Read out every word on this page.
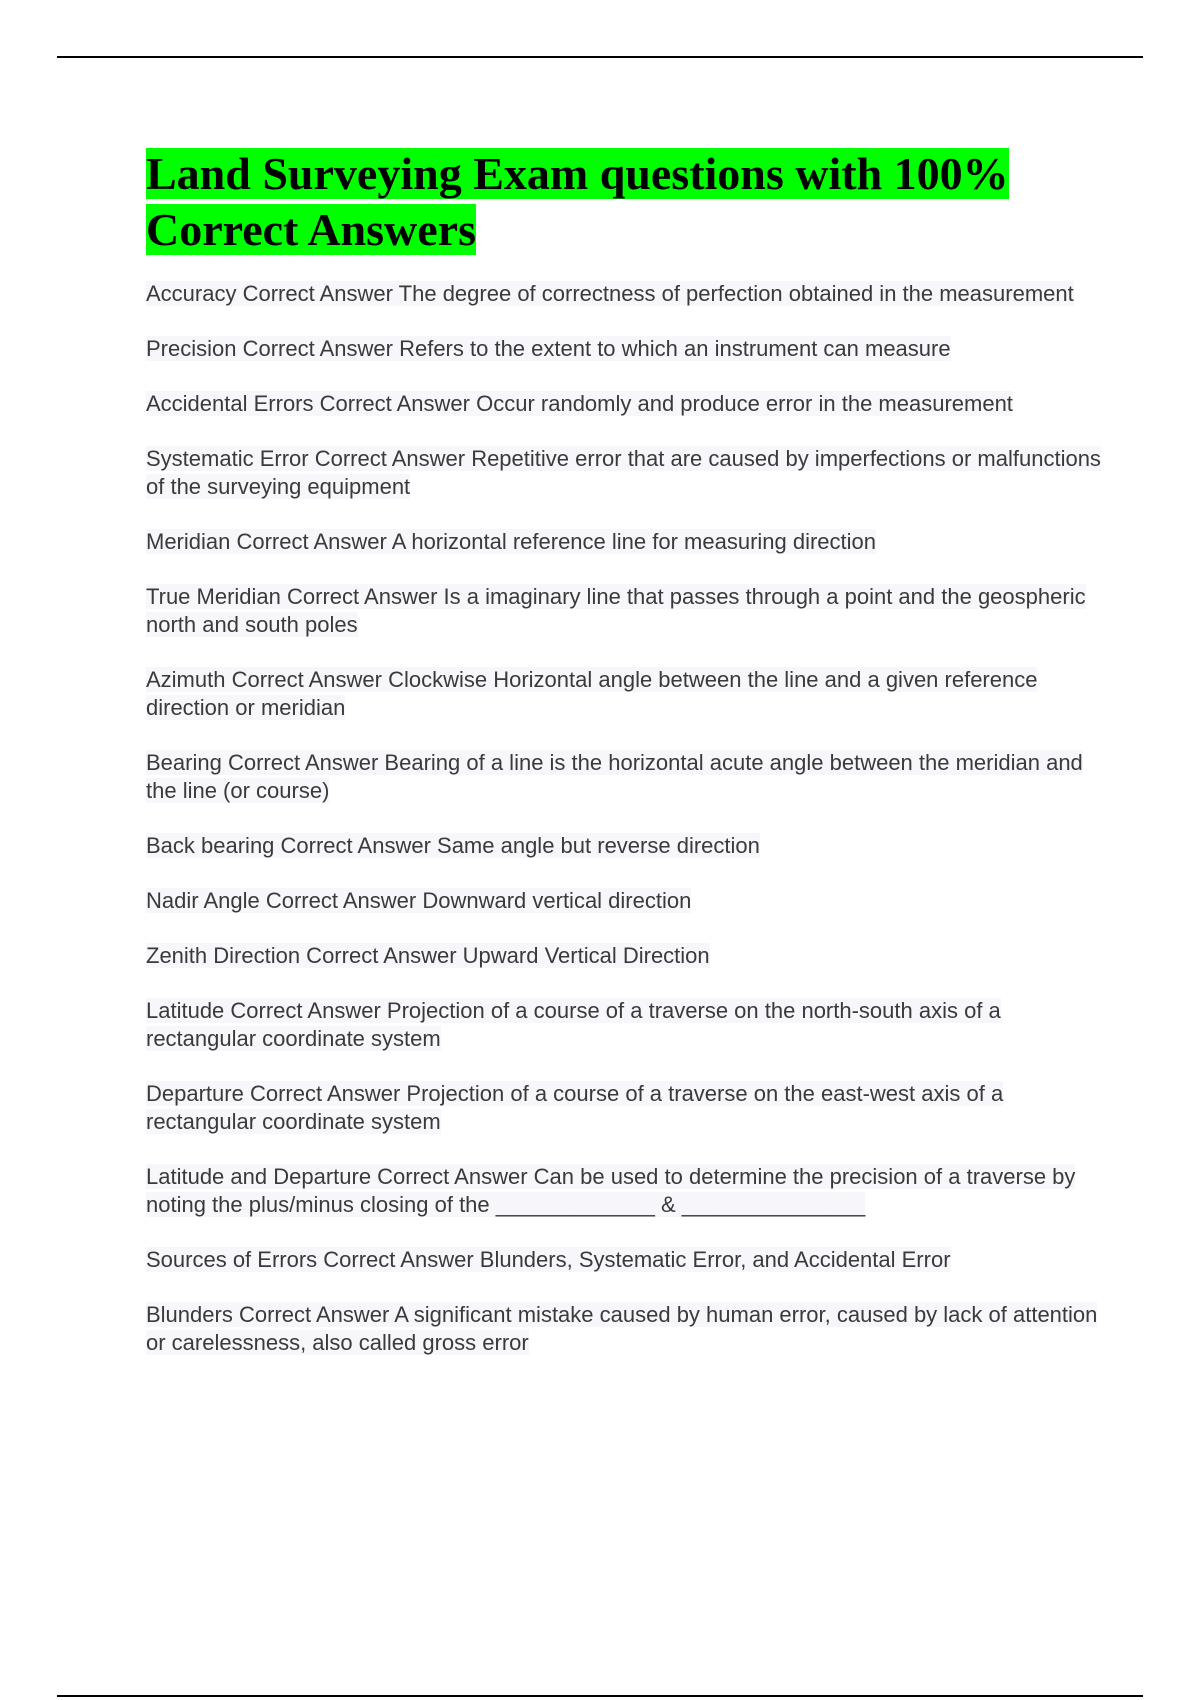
Land Surveying Exam questions with 100% Correct Answers
Accuracy Correct Answer The degree of correctness of perfection obtained in the measurement
Precision Correct Answer Refers to the extent to which an instrument can measure
Accidental Errors Correct Answer Occur randomly and produce error in the measurement
Systematic Error Correct Answer Repetitive error that are caused by imperfections or malfunctions of the surveying equipment
Meridian Correct Answer A horizontal reference line for measuring direction
True Meridian Correct Answer Is a imaginary line that passes through a point and the geospheric north and south poles
Azimuth Correct Answer Clockwise Horizontal angle between the line and a given reference direction or meridian
Bearing Correct Answer Bearing of a line is the horizontal acute angle between the meridian and the line (or course)
Back bearing Correct Answer Same angle but reverse direction
Nadir Angle Correct Answer Downward vertical direction
Zenith Direction Correct Answer Upward Vertical Direction
Latitude Correct Answer Projection of a course of a traverse on the north-south axis of a rectangular coordinate system
Departure Correct Answer Projection of a course of a traverse on the east-west axis of a rectangular coordinate system
Latitude and Departure Correct Answer Can be used to determine the precision of a traverse by noting the plus/minus closing of the _____________ & _______________
Sources of Errors Correct Answer Blunders, Systematic Error, and Accidental Error
Blunders Correct Answer A significant mistake caused by human error, caused by lack of attention or carelessness, also called gross error
